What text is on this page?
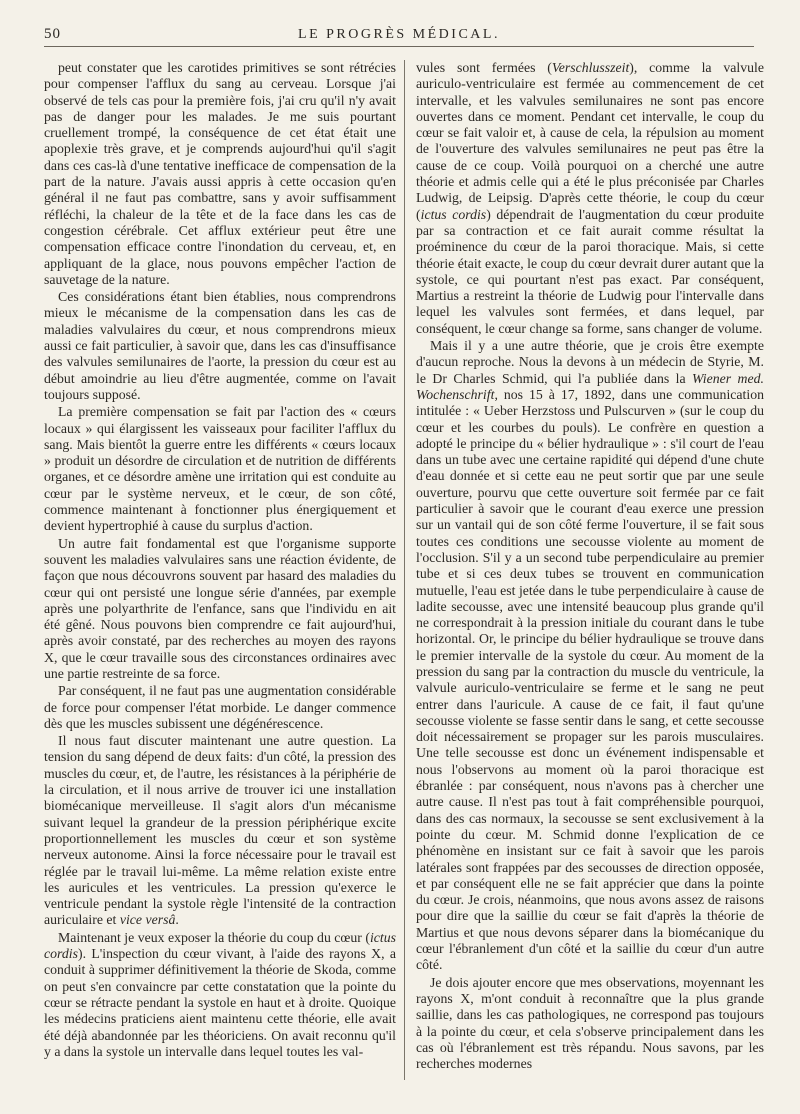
50	LE PROGRÈS MÉDICAL.

peut constater que les carotides primitives se sont rétrécies pour compenser l'afflux du sang au cerveau. Lorsque j'ai observé de tels cas pour la première fois, j'ai cru qu'il n'y avait pas de danger pour les malades. Je me suis pourtant cruellement trompé, la conséquence de cet état était une apoplexie très grave, et je comprends aujourd'hui qu'il s'agit dans ces cas-là d'une tentative inefficace de compensation de la part de la nature. J'avais aussi appris à cette occasion qu'en général il ne faut pas combattre, sans y avoir suffisamment réfléchi, la chaleur de la tête et de la face dans les cas de congestion cérébrale. Cet afflux extérieur peut être une compensation efficace contre l'inondation du cerveau, et, en appliquant de la glace, nous pouvons empêcher l'action de sauvetage de la nature.

Ces considérations étant bien établies, nous comprendrons mieux le mécanisme de la compensation dans les cas de maladies valvulaires du cœur, et nous comprendrons mieux aussi ce fait particulier, à savoir que, dans les cas d'insuffisance des valvules semilunaires de l'aorte, la pression du cœur est au début amoindrie au lieu d'être augmentée, comme on l'avait toujours supposé.

La première compensation se fait par l'action des « cœurs locaux » qui élargissent les vaisseaux pour faciliter l'afflux du sang. Mais bientôt la guerre entre les différents « cœurs locaux » produit un désordre de circulation et de nutrition de différents organes, et ce désordre amène une irritation qui est conduite au cœur par le système nerveux, et le cœur, de son côté, commence maintenant à fonctionner plus énergiquement et devient hypertrophié à cause du surplus d'action.

Un autre fait fondamental est que l'organisme supporte souvent les maladies valvulaires sans une réaction évidente, de façon que nous découvrons souvent par hasard des maladies du cœur qui ont persisté une longue série d'années, par exemple après une polyarthrite de l'enfance, sans que l'individu en ait été gêné. Nous pouvons bien comprendre ce fait aujourd'hui, après avoir constaté, par des recherches au moyen des rayons X, que le cœur travaille sous des circonstances ordinaires avec une partie restreinte de sa force.

Par conséquent, il ne faut pas une augmentation considérable de force pour compenser l'état morbide. Le danger commence dès que les muscles subissent une dégénérescence.

Il nous faut discuter maintenant une autre question. La tension du sang dépend de deux faits: d'un côté, la pression des muscles du cœur, et, de l'autre, les résistances à la périphérie de la circulation, et il nous arrive de trouver ici une installation biomécanique merveilleuse. Il s'agit alors d'un mécanisme suivant lequel la grandeur de la pression périphérique excite proportionnellement les muscles du cœur et son système nerveux autonome. Ainsi la force nécessaire pour le travail est réglée par le travail lui-même. La même relation existe entre les auricules et les ventricules. La pression qu'exerce le ventricule pendant la systole règle l'intensité de la contraction auriculaire et vice versâ.

Maintenant je veux exposer la théorie du coup du cœur (ictus cordis). L'inspection du cœur vivant, à l'aide des rayons X, a conduit à supprimer définitivement la théorie de Skoda, comme on peut s'en convaincre par cette constatation que la pointe du cœur se rétracte pendant la systole en haut et à droite. Quoique les médecins praticiens aient maintenu cette théorie, elle avait été déjà abandonnée par les théoriciens. On avait reconnu qu'il y a dans la systole un intervalle dans lequel toutes les val-

vules sont fermées (Verschlusszeit), comme la valvule auriculo-ventriculaire est fermée au commencement de cet intervalle, et les valvules semilunaires ne sont pas encore ouvertes dans ce moment. Pendant cet intervalle, le coup du cœur se fait valoir et, à cause de cela, la répulsion au moment de l'ouverture des valvules semilunaires ne peut pas être la cause de ce coup. Voilà pourquoi on a cherché une autre théorie et admis celle qui a été le plus préconisée par Charles Ludwig, de Leipsig. D'après cette théorie, le coup du cœur (ictus cordis) dépendrait de l'augmentation du cœur produite par sa contraction et ce fait aurait comme résultat la proéminence du cœur de la paroi thoracique. Mais, si cette théorie était exacte, le coup du cœur devrait durer autant que la systole, ce qui pourtant n'est pas exact. Par conséquent, Martius a restreint la théorie de Ludwig pour l'intervalle dans lequel les valvules sont fermées, et dans lequel, par conséquent, le cœur change sa forme, sans changer de volume.

Mais il y a une autre théorie, que je crois être exempte d'aucun reproche. Nous la devons à un médecin de Styrie, M. le Dr Charles Schmid, qui l'a publiée dans la Wiener med. Wochenschrift, nos 15 à 17, 1892, dans une communication intitulée : « Ueber Herzstoss und Pulscurven » (sur le coup du cœur et les courbes du pouls). Le confrère en question a adopté le principe du « bélier hydraulique » : s'il court de l'eau dans un tube avec une certaine rapidité qui dépend d'une chute d'eau donnée et si cette eau ne peut sortir que par une seule ouverture, pourvu que cette ouverture soit fermée par ce fait particulier à savoir que le courant d'eau exerce une pression sur un vantail qui de son côté ferme l'ouverture, il se fait sous toutes ces conditions une secousse violente au moment de l'occlusion. S'il y a un second tube perpendiculaire au premier tube et si ces deux tubes se trouvent en communication mutuelle, l'eau est jetée dans le tube perpendiculaire à cause de ladite secousse, avec une intensité beaucoup plus grande qu'il ne correspondrait à la pression initiale du courant dans le tube horizontal. Or, le principe du bélier hydraulique se trouve dans le premier intervalle de la systole du cœur. Au moment de la pression du sang par la contraction du muscle du ventricule, la valvule auriculo-ventriculaire se ferme et le sang ne peut entrer dans l'auricule. A cause de ce fait, il faut qu'une secousse violente se fasse sentir dans le sang, et cette secousse doit nécessairement se propager sur les parois musculaires. Une telle secousse est donc un événement indispensable et nous l'observons au moment où la paroi thoracique est ébranlée : par conséquent, nous n'avons pas à chercher une autre cause. Il n'est pas tout à fait compréhensible pourquoi, dans des cas normaux, la secousse se sent exclusivement à la pointe du cœur. M. Schmid donne l'explication de ce phénomène en insistant sur ce fait à savoir que les parois latérales sont frappées par des secousses de direction opposée, et par conséquent elle ne se fait apprécier que dans la pointe du cœur. Je crois, néanmoins, que nous avons assez de raisons pour dire que la saillie du cœur se fait d'après la théorie de Martius et que nous devons séparer dans la biomécanique du cœur l'ébranlement d'un côté et la saillie du cœur d'un autre côté.

Je dois ajouter encore que mes observations, moyennant les rayons X, m'ont conduit à reconnaître que la plus grande saillie, dans les cas pathologiques, ne correspond pas toujours à la pointe du cœur, et cela s'observe principalement dans les cas où l'ébranlement est très répandu. Nous savons, par les recherches modernes
